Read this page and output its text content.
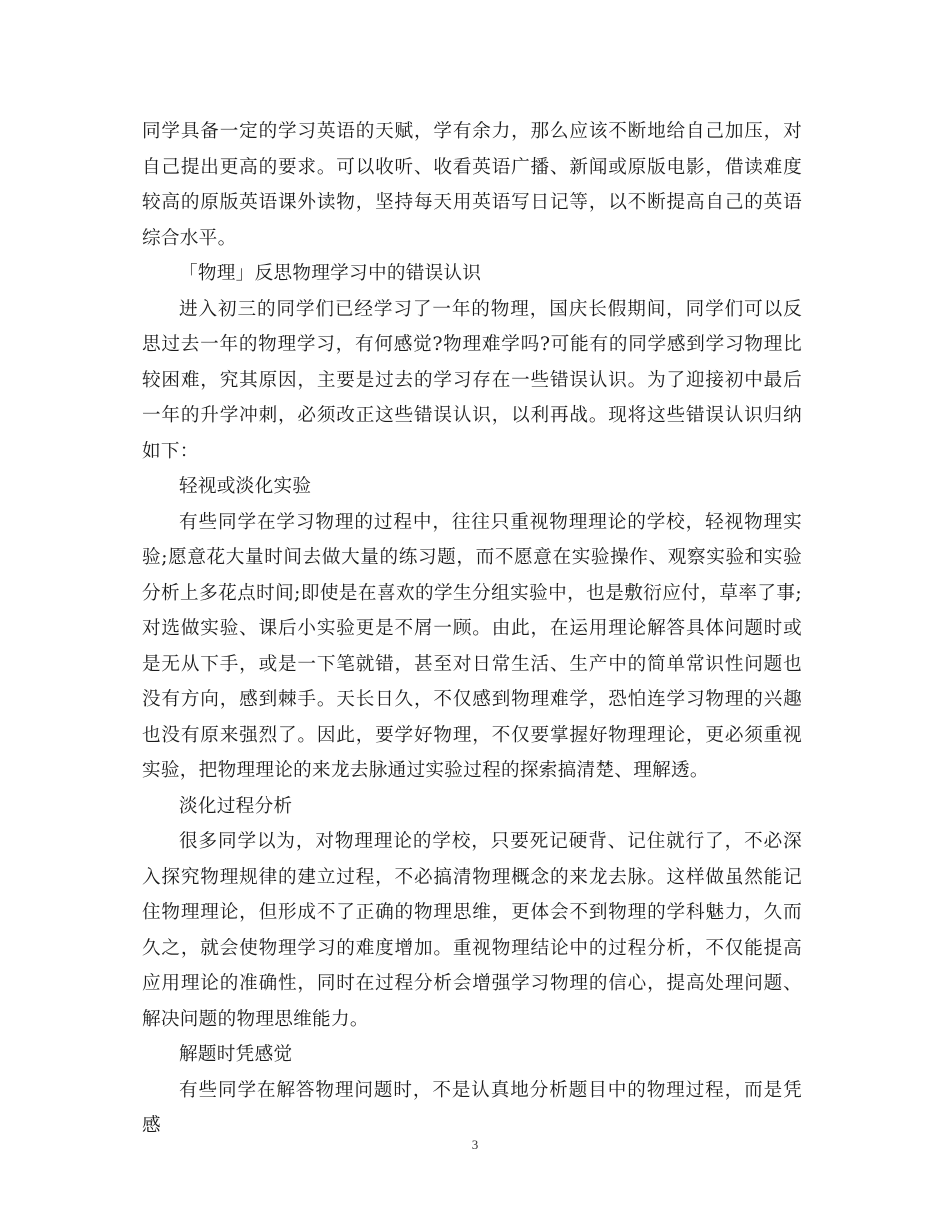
同学具备一定的学习英语的天赋，学有余力，那么应该不断地给自己加压，对自己提出更高的要求。可以收听、收看英语广播、新闻或原版电影，借读难度较高的原版英语课外读物，坚持每天用英语写日记等，以不断提高自己的英语综合水平。

「物理」反思物理学习中的错误认识

进入初三的同学们已经学习了一年的物理，国庆长假期间，同学们可以反思过去一年的物理学习，有何感觉?物理难学吗?可能有的同学感到学习物理比较困难，究其原因，主要是过去的学习存在一些错误认识。为了迎接初中最后一年的升学冲刺，必须改正这些错误认识，以利再战。现将这些错误认识归纳如下：

轻视或淡化实验

有些同学在学习物理的过程中，往往只重视物理理论的学校，轻视物理实验;愿意花大量时间去做大量的练习题，而不愿意在实验操作、观察实验和实验分析上多花点时间;即使是在喜欢的学生分组实验中，也是敷衍应付，草率了事;对选做实验、课后小实验更是不屑一顾。由此，在运用理论解答具体问题时或是无从下手，或是一下笔就错，甚至对日常生活、生产中的简单常识性问题也没有方向，感到棘手。天长日久，不仅感到物理难学，恐怕连学习物理的兴趣也没有原来强烈了。因此，要学好物理，不仅要掌握好物理理论，更必须重视实验，把物理理论的来龙去脉通过实验过程的探索搞清楚、理解透。

淡化过程分析

很多同学以为，对物理理论的学校，只要死记硬背、记住就行了，不必深入探究物理规律的建立过程，不必搞清物理概念的来龙去脉。这样做虽然能记住物理理论，但形成不了正确的物理思维，更体会不到物理的学科魅力，久而久之，就会使物理学习的难度增加。重视物理结论中的过程分析，不仅能提高应用理论的准确性，同时在过程分析会增强学习物理的信心，提高处理问题、解决问题的物理思维能力。

解题时凭感觉

有些同学在解答物理问题时，不是认真地分析题目中的物理过程，而是凭感

3
